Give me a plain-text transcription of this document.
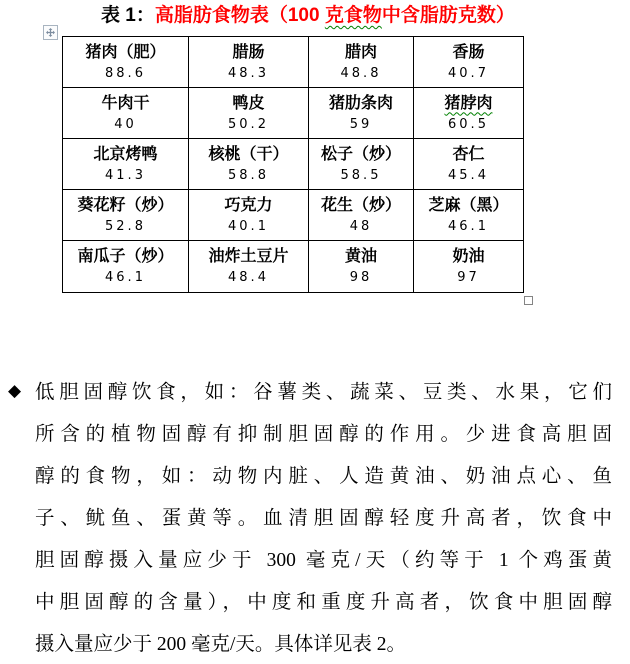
表 1：高脂肪食物表（100 克食物中含脂肪克数）
猪肉（肥）
88.6
腊肠
48.3
腊肉
48.8
香肠
40.7
牛肉干
40
鸭皮
50.2
猪肋条肉
59
猪脖肉
60.5
北京烤鸭
41.3
核桃（干）
58.8
松子（炒）
58.5
杏仁
45.4
葵花籽（炒）
52.8
巧克力
40.1
花生（炒）
48
芝麻（黑）
46.1
南瓜子（炒）
46.1
油炸土豆片
48.4
黄油
98
奶油
97
◆ 低胆固醇饮食，如：谷薯类、蔬菜、豆类、水果，它们
所含的植物固醇有抑制胆固醇的作用。少进食高胆固
醇的食物，如：动物内脏、人造黄油、奶油点心、鱼
子、鱿鱼、蛋黄等。血清胆固醇轻度升高者，饮食中
胆固醇摄入量应少于 300 毫克/天（约等于 1 个鸡蛋黄
中胆固醇的含量），中度和重度升高者，饮食中胆固醇
摄入量应少于 200 毫克/天。具体详见表 2。
